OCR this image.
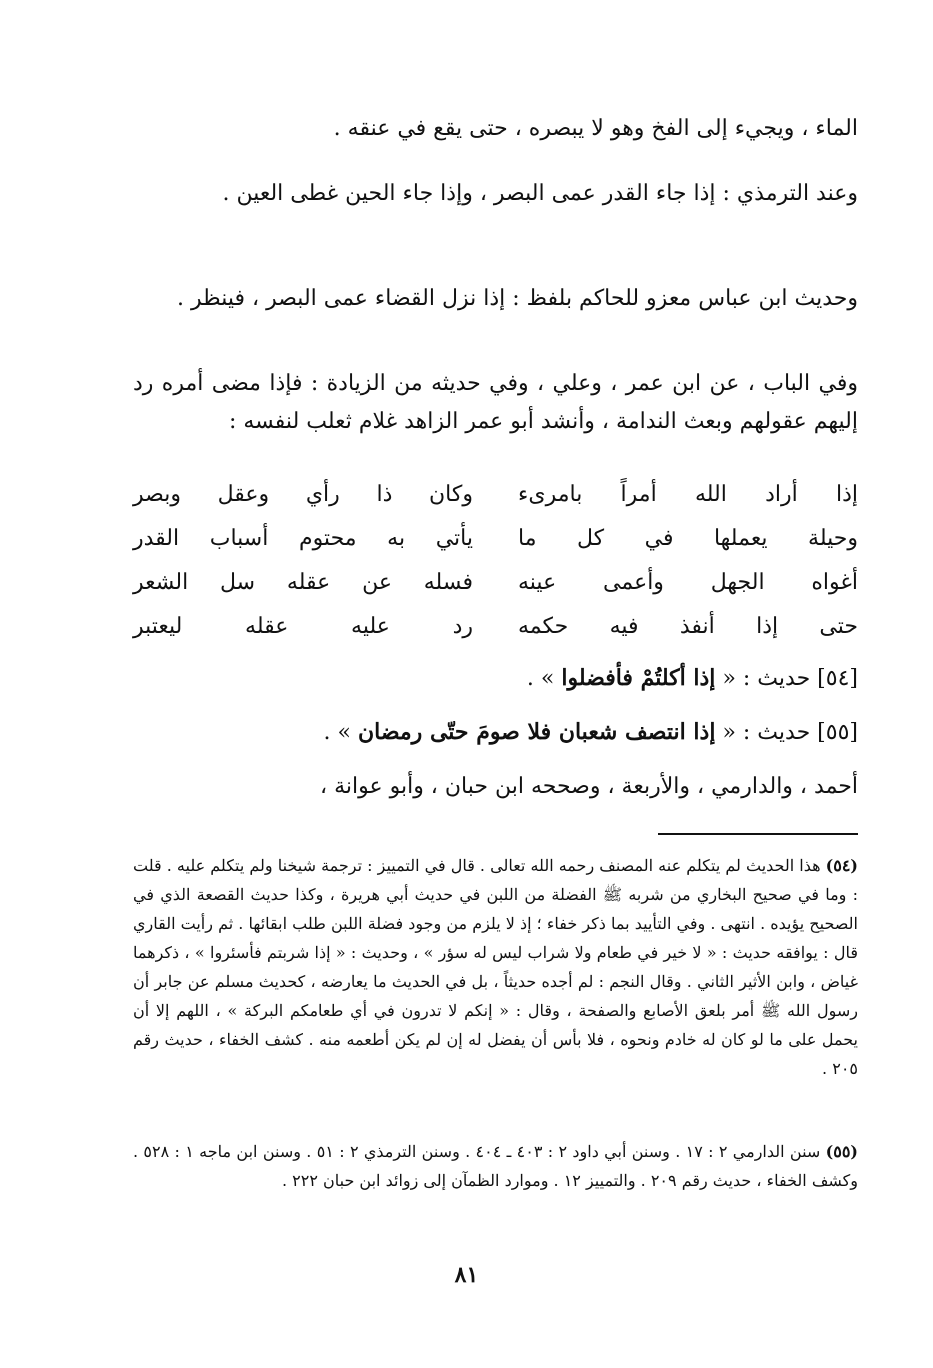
الماء ، ويجيء إلى الفخ وهو لا يبصره ، حتى يقع في عنقه .
وعند الترمذي : إذا جاء القدر عمى البصر ، وإذا جاء الحين غطى العين .
وحديث ابن عباس معزو للحاكم بلفظ : إذا نزل القضاء عمى البصر ، فينظر .
وفي الباب ، عن ابن عمر ، وعلي ، وفي حديثه من الزيادة : فإذا مضى أمره رد إليهم عقولهم وبعث الندامة ، وأنشد أبو عمر الزاهد غلام ثعلب لنفسه :
إذا أراد الله أمراً بامرىء
وكان ذا رأي وعقل وبصر
وحيلة يعملها في كل ما
يأتي به محتوم أسباب القدر
أغواه الجهل وأعمى عينه
فسله عن عقله سل الشعر
حتى إذا أنفذ فيه حكمه
رد عليه عقله ليعتبر
[٥٤] حديث : « إذا أكلتُمْ فأفضلوا » .
[٥٥] حديث : « إذا انتصف شعبان فلا صومَ حتّى رمضان » .
أحمد ، والدارمي ، والأربعة ، وصححه ابن حبان ، وأبو عوانة ،
(٥٤) هذا الحديث لم يتكلم عنه المصنف رحمه الله تعالى . قال في التمييز : ترجمة شيخنا ولم يتكلم عليه . قلت : وما في صحيح البخاري من شربه ﷺ الفضلة من اللبن في حديث أبي هريرة ، وكذا حديث القصعة الذي في الصحيح يؤيده . انتهى . وفي التأييد بما ذكر خفاء ؛ إذ لا يلزم من وجود فضلة اللبن طلب ابقائها . ثم رأيت القاري قال : يوافقه حديث : « لا خير في طعام ولا شراب ليس له سؤر » ، وحديث : « إذا شربتم فأسئروا » ، ذكرهما غياض ، وابن الأثير الثاني . وقال النجم : لم أجده حديثاً ، بل في الحديث ما يعارضه ، كحديث مسلم عن جابر أن رسول الله ﷺ أمر بلعق الأصابع والصفحة ، وقال : « إنكم لا تدرون في أي طعامكم البركة » ، اللهم إلا أن يحمل على ما لو كان له خادم ونحوه ، فلا بأس أن يفضل له إن لم يكن أطعمه منه . كشف الخفاء ، حديث رقم ٢٠٥ .
(٥٥) سنن الدارمي ٢ : ١٧ . وسنن أبي داود ٢ : ٤٠٣ ـ ٤٠٤ . وسنن الترمذي ٢ : ٥١ . وسنن ابن ماجه ١ : ٥٢٨ . وكشف الخفاء ، حديث رقم ٢٠٩ . والتمييز ١٢ . وموارد الظمآن إلى زوائد ابن حبان ٢٢٢ .
٨١
